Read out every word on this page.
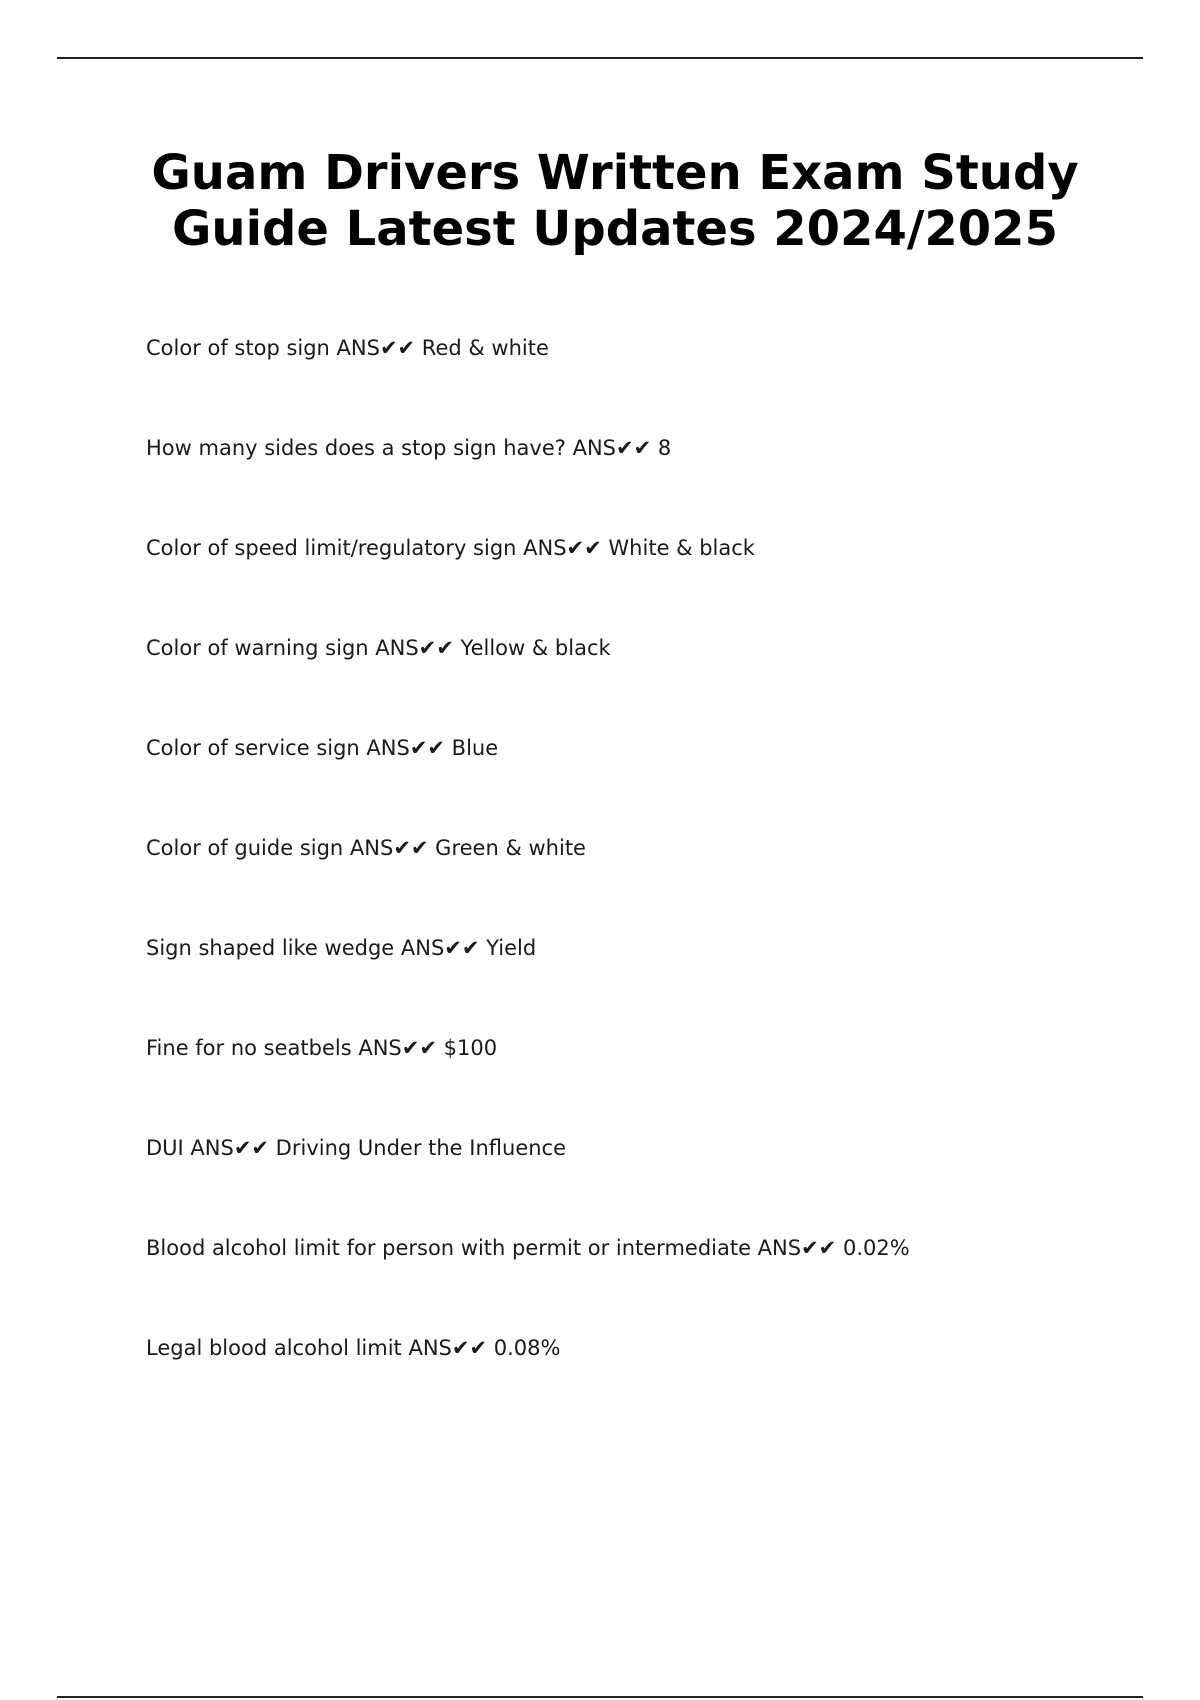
Guam Drivers Written Exam Study
Guide Latest Updates 2024/2025
Color of stop sign ANS✔✔ Red & white
How many sides does a stop sign have? ANS✔✔ 8
Color of speed limit/regulatory sign ANS✔✔ White & black
Color of warning sign ANS✔✔ Yellow & black
Color of service sign ANS✔✔ Blue
Color of guide sign ANS✔✔ Green & white
Sign shaped like wedge ANS✔✔ Yield
Fine for no seatbels ANS✔✔ $100
DUI ANS✔✔ Driving Under the Influence
Blood alcohol limit for person with permit or intermediate ANS✔✔ 0.02%
Legal blood alcohol limit ANS✔✔ 0.08%
